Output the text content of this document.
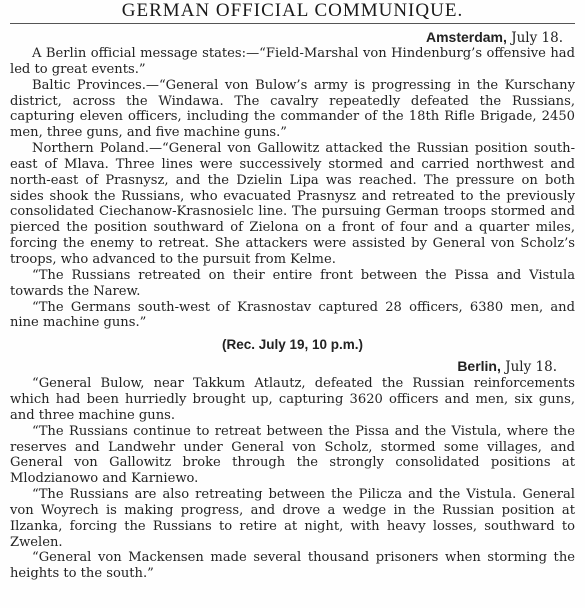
GERMAN OFFICIAL COMMUNIQUE.
Amsterdam, July 18.

A Berlin official message states:—“Field-Marshal von Hindenburg’s offensive had led to great events.”

Baltic Provinces.—“General von Bulow’s army is progressing in the Kurschany district, across the Windawa. The cavalry repeatedly defeated the Russians, capturing eleven officers, including the commander of the 18th Rifle Brigade, 2450 men, three guns, and five machine guns.”

Northern Poland.—“General von Gallowitz attacked the Russian position south-east of Mlava. Three lines were successively stormed and carried northwest and north-east of Prasnysz, and the Dzielin Lipa was reached. The pressure on both sides shook the Russians, who evacuated Prasnysz and retreated to the previously consolidated Ciechanow-Krasnosielc line. The pursuing German troops stormed and pierced the position southward of Zielona on a front of four and a quarter miles, forcing the enemy to retreat. She attackers were assisted by General von Scholz’s troops, who advanced to the pursuit from Kelme.

“The Russians retreated on their entire front between the Pissa and Vistula towards the Narew.

“The Germans south-west of Krasnostav captured 28 officers, 6380 men, and nine machine guns.”

(Rec. July 19, 10 p.m.)
Berlin, July 18.

“General Bulow, near Takkum Atlautz, defeated the Russian reinforcements which had been hurriedly brought up, capturing 3620 officers and men, six guns, and three machine guns.

“The Russians continue to retreat between the Pissa and the Vistula, where the reserves and Landwehr under General von Scholz, stormed some villages, and General von Gallowitz broke through the strongly consolidated positions at Mlodzianowo and Karniewo.

“The Russians are also retreating between the Pilicza and the Vistula. General von Woyrech is making progress, and drove a wedge in the Russian position at Ilzanka, forcing the Russians to retire at night, with heavy losses, southward to Zwelen.

“General von Mackensen made several thousand prisoners when storming the heights to the south.”
